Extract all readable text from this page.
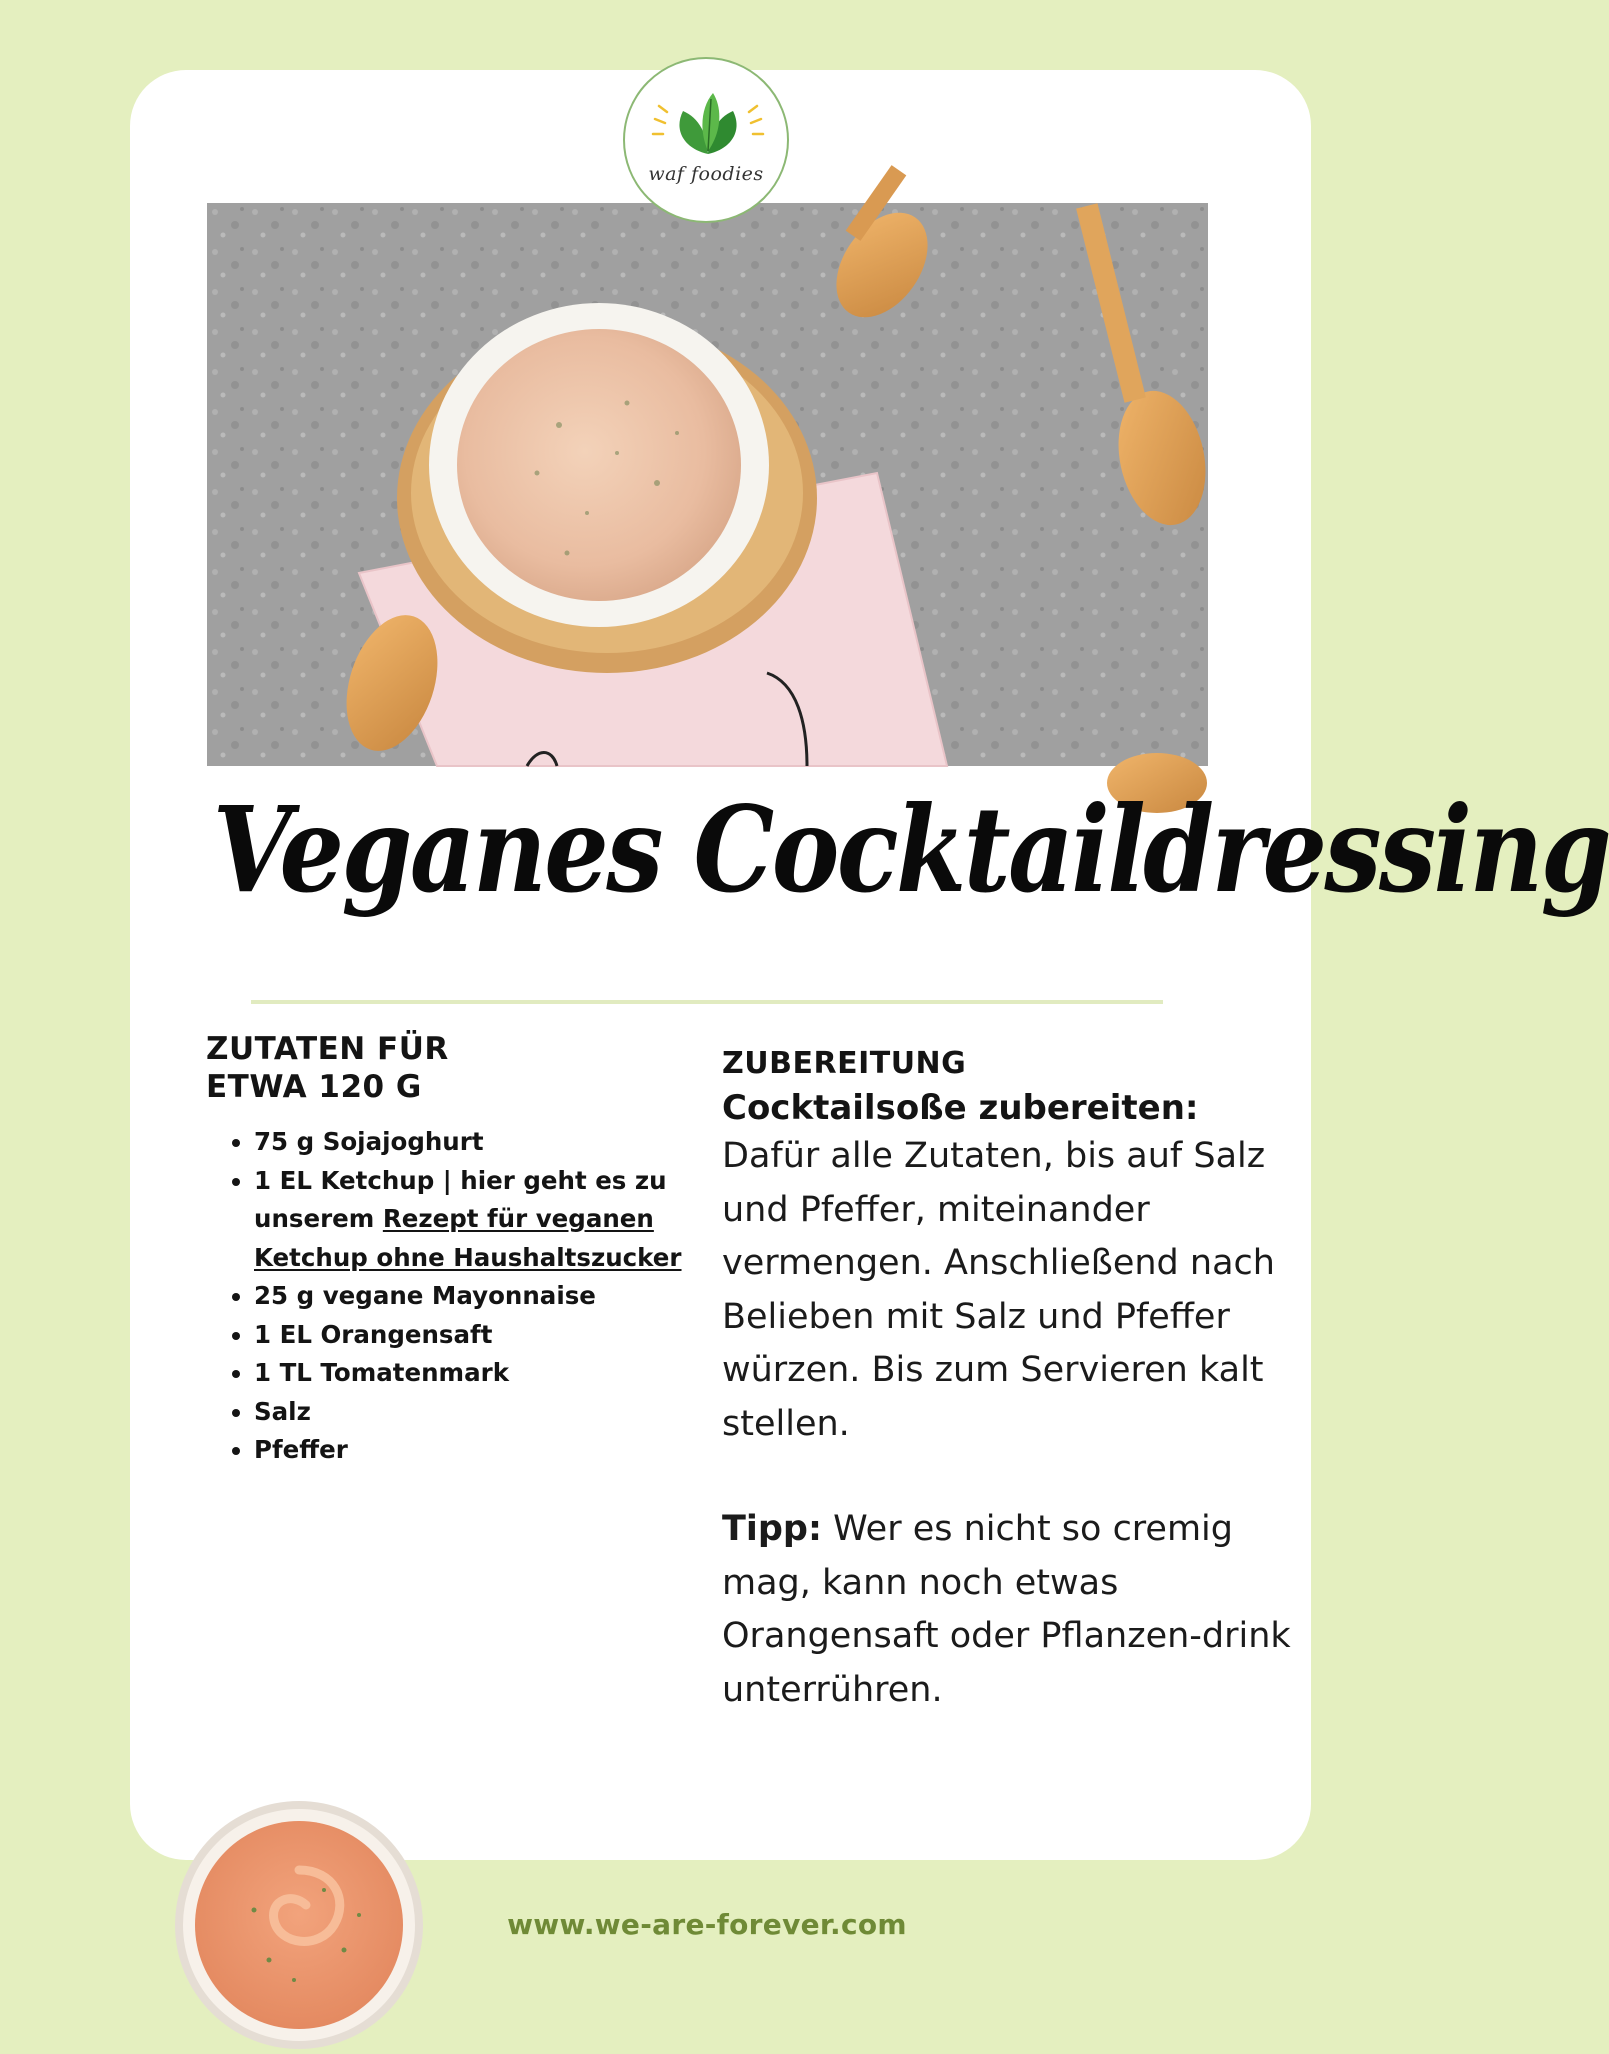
waf foodies
Veganes Cocktaildressing
ZUTATEN FÜR
ETWA 120 G
• 75 g Sojajoghurt
• 1 EL Ketchup | hier geht es zu unserem Rezept für veganen Ketchup ohne Haushaltszucker
• 25 g vegane Mayonnaise
• 1 EL Orangensaft
• 1 TL Tomatenmark
• Salz
• Pfeffer
ZUBEREITUNG
Cocktailsoße zubereiten:
Dafür alle Zutaten, bis auf Salz und Pfeffer, miteinander vermengen. Anschließend nach Belieben mit Salz und Pfeffer würzen. Bis zum Servieren kalt stellen.
Tipp: Wer es nicht so cremig mag, kann noch etwas Orangensaft oder Pflanzen-drink unterrühren.
www.we-are-forever.com
